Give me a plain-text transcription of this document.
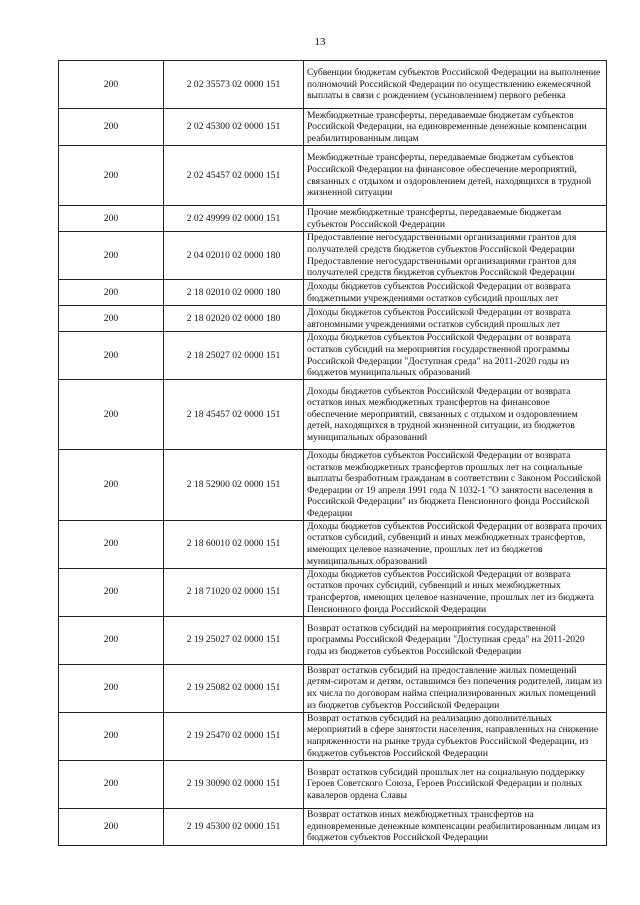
13
200	2 02 35573 02 0000 151	Субвенции бюджетам субъектов Российской Федерации на выполнение полномочий Российской Федерации по осуществлению ежемесячной выплаты в связи с рождением (усыновлением) первого ребенка
200	2 02 45300 02 0000 151	Межбюджетные трансферты, передаваемые бюджетам субъектов Российской Федерации, на единовременные денежные компенсации реабилитированным лицам
200	2 02 45457 02 0000 151	Межбюджетные трансферты, передаваемые бюджетам субъектов Российской Федерации на финансовое обеспечение мероприятий, связанных с отдыхом и оздоровлением детей, находящихся в трудной жизненной ситуации
200	2 02 49999 02 0000 151	Прочие межбюджетные трансферты, передаваемые бюджетам субъектов Российской Федерации
200	2 04 02010 02 0000 180	Предоставление негосударственными организациями грантов для получателей средств бюджетов субъектов Российской Федерации Предоставление негосударственными организациями грантов для получателей средств бюджетов субъектов Российской Федерации
200	2 18 02010 02 0000 180	Доходы бюджетов субъектов Российской Федерации от возврата бюджетными учреждениями остатков субсидий прошлых лет
200	2 18 02020 02 0000 180	Доходы бюджетов субъектов Российской Федерации от возврата автономными учреждениями остатков субсидий прошлых лет
200	2 18 25027 02 0000 151	Доходы бюджетов субъектов Российской Федерации от возврата остатков субсидий на мероприятия государственной программы Российской Федерации "Доступная среда" на 2011-2020 годы из бюджетов муниципальных образований
200	2 18 45457 02 0000 151	Доходы бюджетов субъектов Российской Федерации от возврата остатков иных межбюджетных трансфертов на финансовое обеспечение мероприятий, связанных с отдыхом и оздоровлением детей, находящихся в трудной жизненной ситуации, из бюджетов муниципальных образований
200	2 18 52900 02 0000 151	Доходы бюджетов субъектов Российской Федерации от возврата остатков межбюджетных трансфертов прошлых лет на социальные выплаты безработным гражданам в соответствии с Законом Российской Федерации от 19 апреля 1991 года N 1032-1 "О занятости населения в Российской Федерации" из бюджета Пенсионного фонда Российской Федерации
200	2 18 60010 02 0000 151	Доходы бюджетов субъектов Российской Федерации от возврата прочих остатков субсидий, субвенций и иных межбюджетных трансфертов, имеющих целевое назначение, прошлых лет из бюджетов муниципальных образований
200	2 18 71020 02 0000 151	Доходы бюджетов субъектов Российской Федерации от возврата остатков прочих субсидий, субвенций и иных межбюджетных трансфертов, имеющих целевое назначение, прошлых лет из бюджета Пенсионного фонда Российской Федерации
200	2 19 25027 02 0000 151	Возврат остатков субсидий на мероприятия государственной программы Российской Федерации "Доступная среда" на 2011-2020 годы из бюджетов субъектов Российской Федерации
200	2 19 25082 02 0000 151	Возврат остатков субсидий на предоставление жилых помещений детям-сиротам и детям, оставшимся без попечения родителей, лицам из их числа по договорам найма специализированных жилых помещений из бюджетов субъектов Российской Федерации
200	2 19 25470 02 0000 151	Возврат остатков субсидий на реализацию дополнительных мероприятий в сфере занятости населения, направленных на снижение напряженности на рынке труда субъектов Российской Федерации, из бюджетов субъектов Российской Федерации
200	2 19 30090 02 0000 151	Возврат остатков субсидий прошлых лет на социальную поддержку Героев Советского Союза, Героев Российской Федерации и полных кавалеров ордена Славы
200	2 19 45300 02 0000 151	Возврат остатков иных межбюджетных трансфертов на единовременные денежные компенсации реабилитированным лицам из бюджетов субъектов Российской Федерации
